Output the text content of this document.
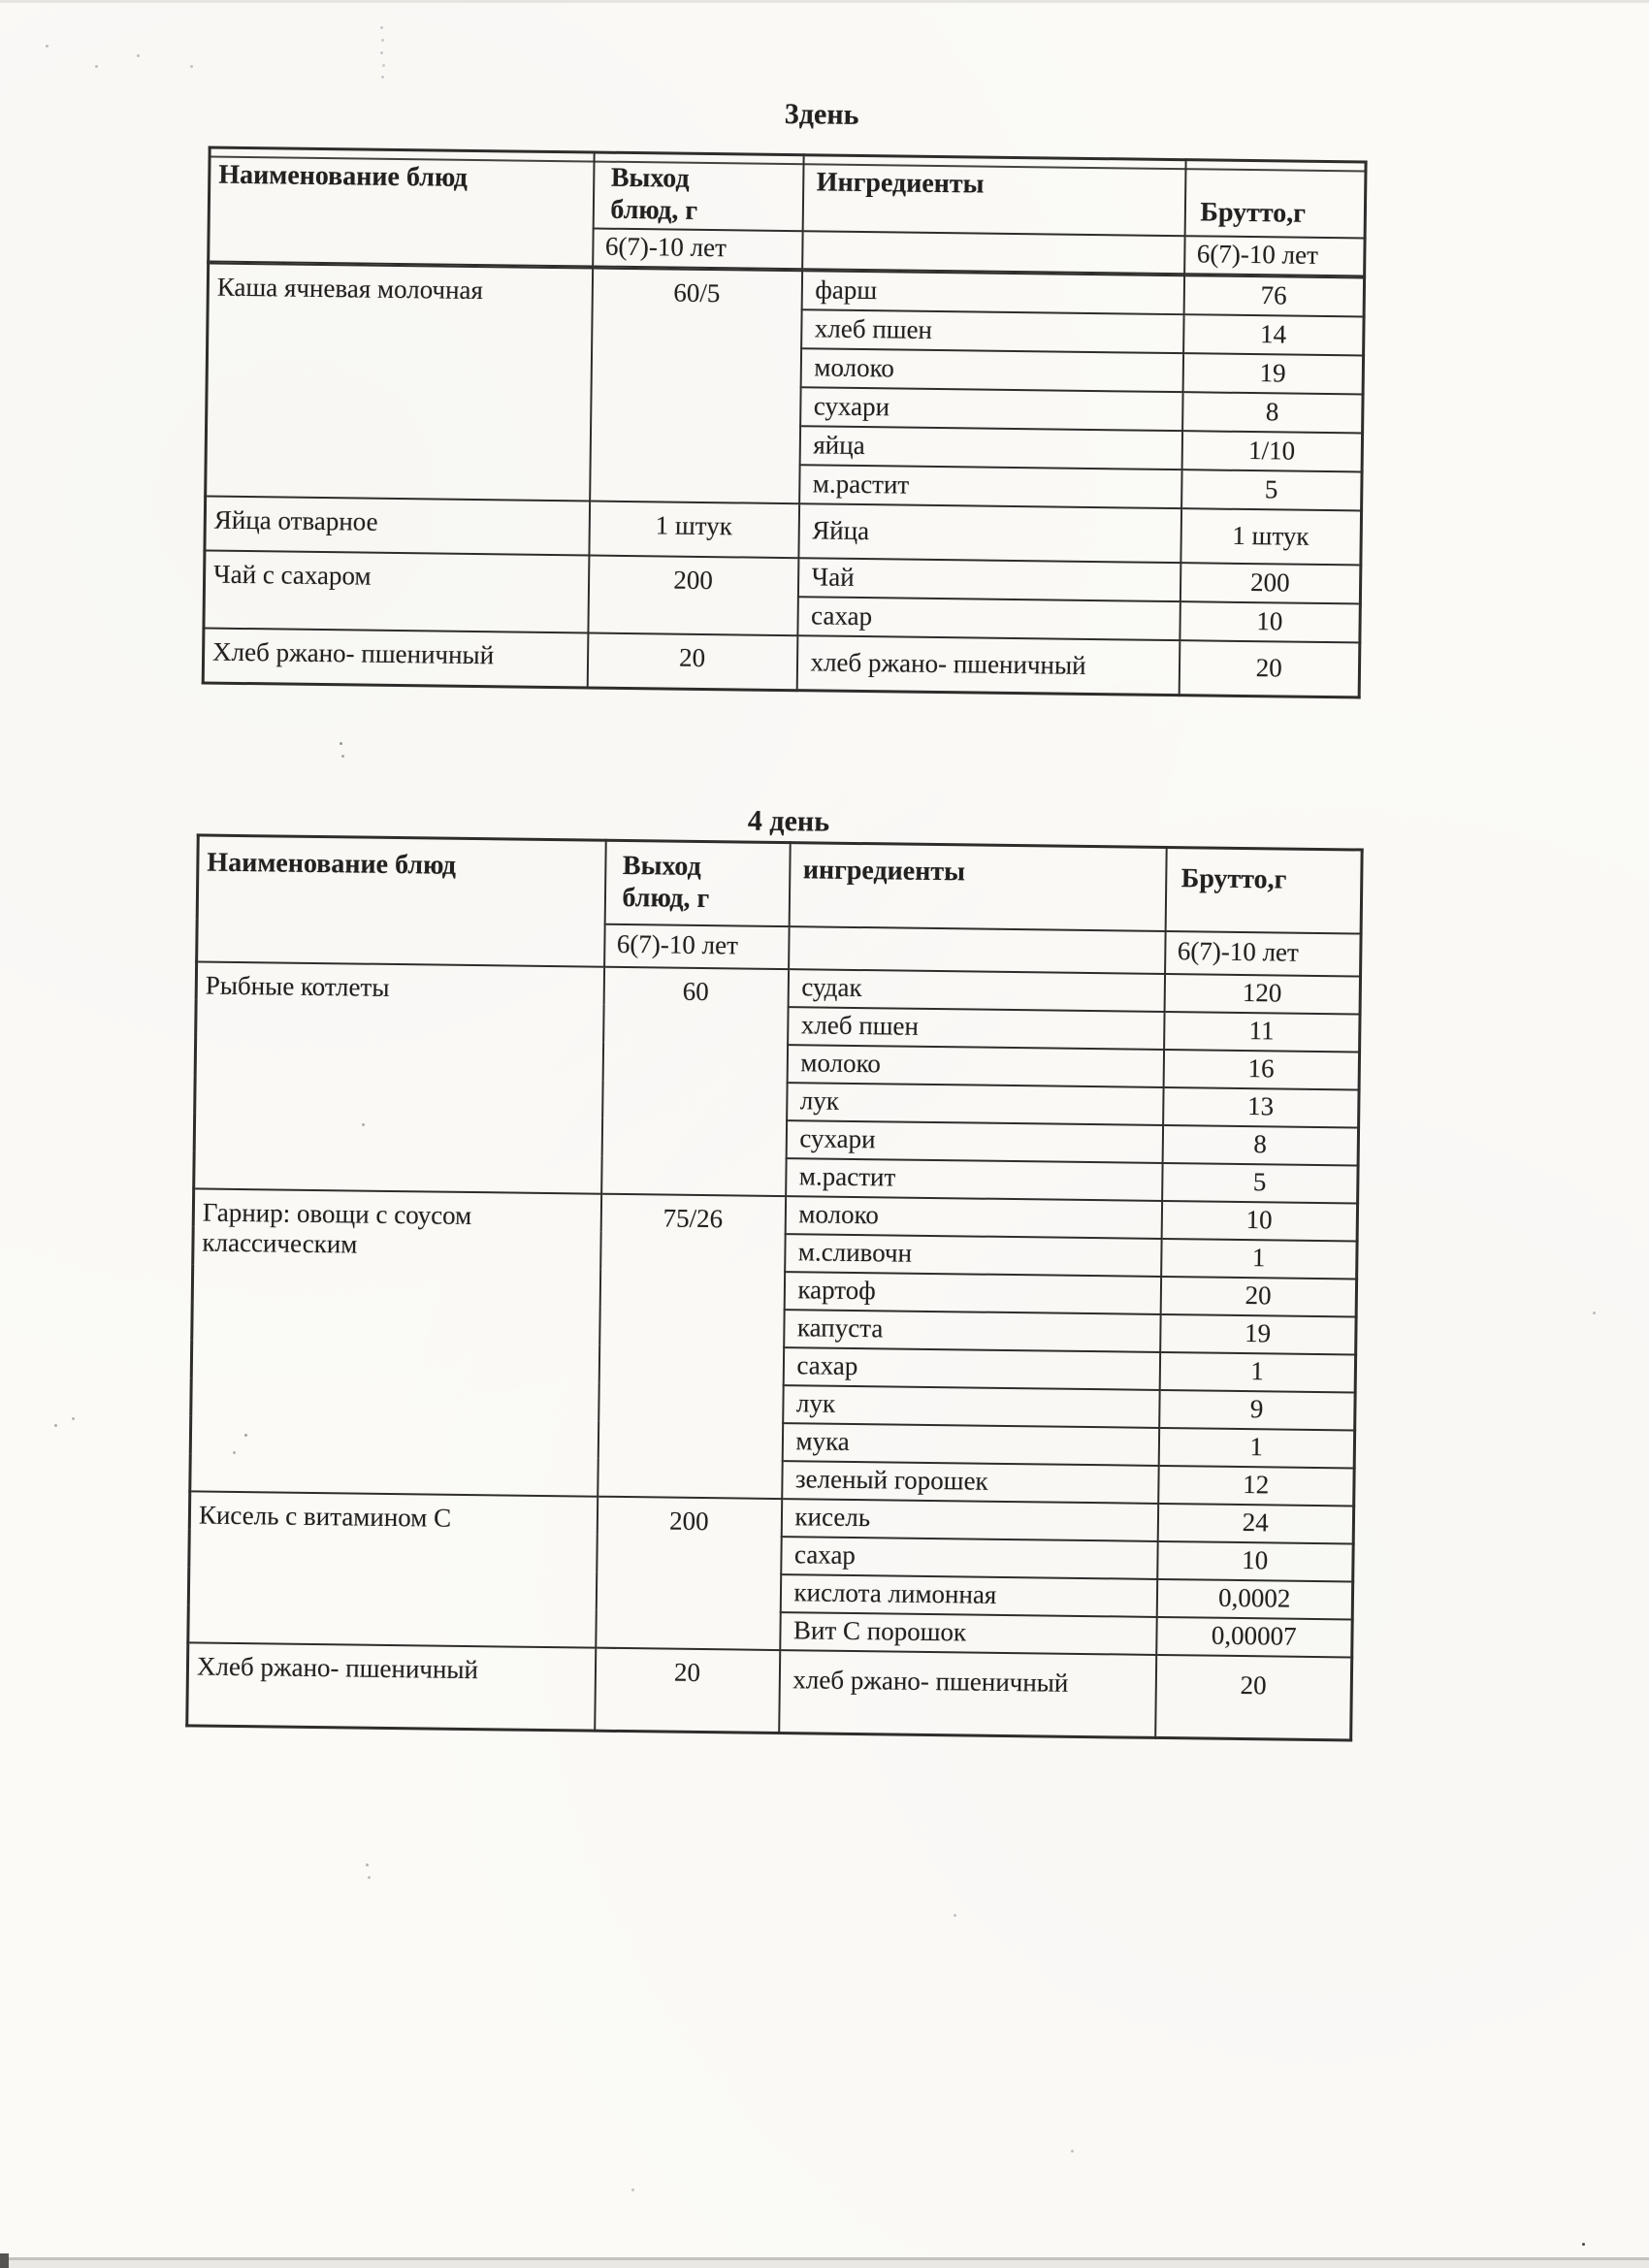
3день
Наименование блюд	Выход блюд, г	Ингредиенты	Брутто,г
	6(7)-10 лет		6(7)-10 лет
Каша ячневая молочная	60/5	фарш	76
		хлеб пшен	14
		молоко	19
		сухари	8
		яйца	1/10
		м.растит	5
Яйца отварное	1 штук	Яйца	1 штук
Чай с сахаром	200	Чай	200
		сахар	10
Хлеб ржано- пшеничный	20	хлеб ржано- пшеничный	20
4 день
Наименование блюд	Выход блюд, г	ингредиенты	Брутто,г
	6(7)-10 лет		6(7)-10 лет
Рыбные котлеты	60	судак	120
		хлеб пшен	11
		молоко	16
		лук	13
		сухари	8
		м.растит	5
Гарнир: овощи с соусом классическим	75/26	молоко	10
		м.сливочн	1
		картоф	20
		капуста	19
		сахар	1
		лук	9
		мука	1
		зеленый горошек	12
Кисель с витамином С	200	кисель	24
		сахар	10
		кислота лимонная	0,0002
		Вит С порошок	0,00007
Хлеб ржано- пшеничный	20	хлеб ржано- пшеничный	20
